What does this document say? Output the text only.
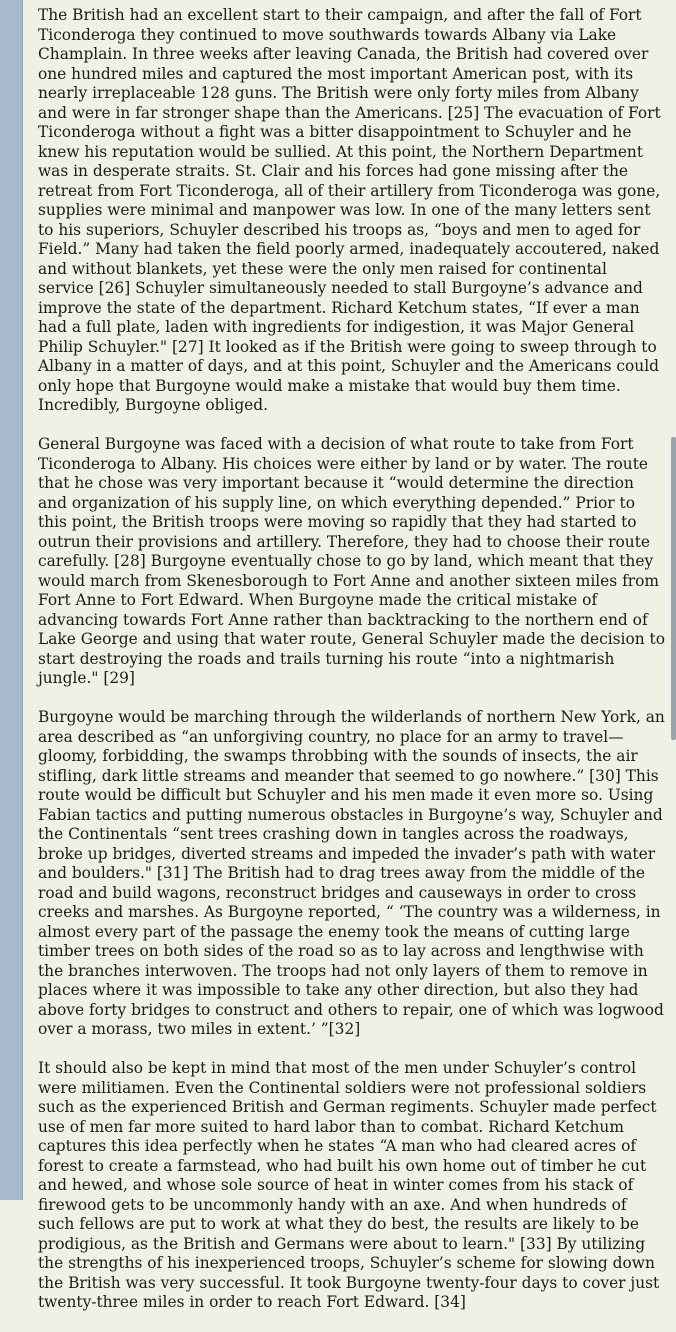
The British had an excellent start to their campaign, and after the fall of Fort Ticonderoga they continued to move southwards towards Albany via Lake Champlain. In three weeks after leaving Canada, the British had covered over one hundred miles and captured the most important American post, with its nearly irreplaceable 128 guns. The British were only forty miles from Albany and were in far stronger shape than the Americans. [25] The evacuation of Fort Ticonderoga without a fight was a bitter disappointment to Schuyler and he knew his reputation would be sullied. At this point, the Northern Department was in desperate straits. St. Clair and his forces had gone missing after the retreat from Fort Ticonderoga, all of their artillery from Ticonderoga was gone, supplies were minimal and manpower was low. In one of the many letters sent to his superiors, Schuyler described his troops as, “boys and men to aged for Field.” Many had taken the field poorly armed, inadequately accoutered, naked and without blankets, yet these were the only men raised for continental service [26] Schuyler simultaneously needed to stall Burgoyne’s advance and improve the state of the department. Richard Ketchum states, “If ever a man had a full plate, laden with ingredients for indigestion, it was Major General Philip Schuyler." [27] It looked as if the British were going to sweep through to Albany in a matter of days, and at this point, Schuyler and the Americans could only hope that Burgoyne would make a mistake that would buy them time. Incredibly, Burgoyne obliged.

General Burgoyne was faced with a decision of what route to take from Fort Ticonderoga to Albany. His choices were either by land or by water. The route that he chose was very important because it “would determine the direction and organization of his supply line, on which everything depended.” Prior to this point, the British troops were moving so rapidly that they had started to outrun their provisions and artillery. Therefore, they had to choose their route carefully. [28] Burgoyne eventually chose to go by land, which meant that they would march from Skenesborough to Fort Anne and another sixteen miles from Fort Anne to Fort Edward. When Burgoyne made the critical mistake of advancing towards Fort Anne rather than backtracking to the northern end of Lake George and using that water route, General Schuyler made the decision to start destroying the roads and trails turning his route “into a nightmarish jungle." [29]

Burgoyne would be marching through the wilderlands of northern New York, an area described as “an unforgiving country, no place for an army to travel—gloomy, forbidding, the swamps throbbing with the sounds of insects, the air stifling, dark little streams and meander that seemed to go nowhere.” [30] This route would be difficult but Schuyler and his men made it even more so. Using Fabian tactics and putting numerous obstacles in Burgoyne’s way, Schuyler and the Continentals “sent trees crashing down in tangles across the roadways, broke up bridges, diverted streams and impeded the invader’s path with water and boulders." [31] The British had to drag trees away from the middle of the road and build wagons, reconstruct bridges and causeways in order to cross creeks and marshes. As Burgoyne reported, “ ‘The country was a wilderness, in almost every part of the passage the enemy took the means of cutting large timber trees on both sides of the road so as to lay across and lengthwise with the branches interwoven. The troops had not only layers of them to remove in places where it was impossible to take any other direction, but also they had above forty bridges to construct and others to repair, one of which was logwood over a morass, two miles in extent.’ ”[32]

It should also be kept in mind that most of the men under Schuyler’s control were militiamen. Even the Continental soldiers were not professional soldiers such as the experienced British and German regiments. Schuyler made perfect use of men far more suited to hard labor than to combat. Richard Ketchum captures this idea perfectly when he states “A man who had cleared acres of forest to create a farmstead, who had built his own home out of timber he cut and hewed, and whose sole source of heat in winter comes from his stack of firewood gets to be uncommonly handy with an axe. And when hundreds of such fellows are put to work at what they do best, the results are likely to be prodigious, as the British and Germans were about to learn." [33] By utilizing the strengths of his inexperienced troops, Schuyler’s scheme for slowing down the British was very successful. It took Burgoyne twenty-four days to cover just twenty-three miles in order to reach Fort Edward. [34]
